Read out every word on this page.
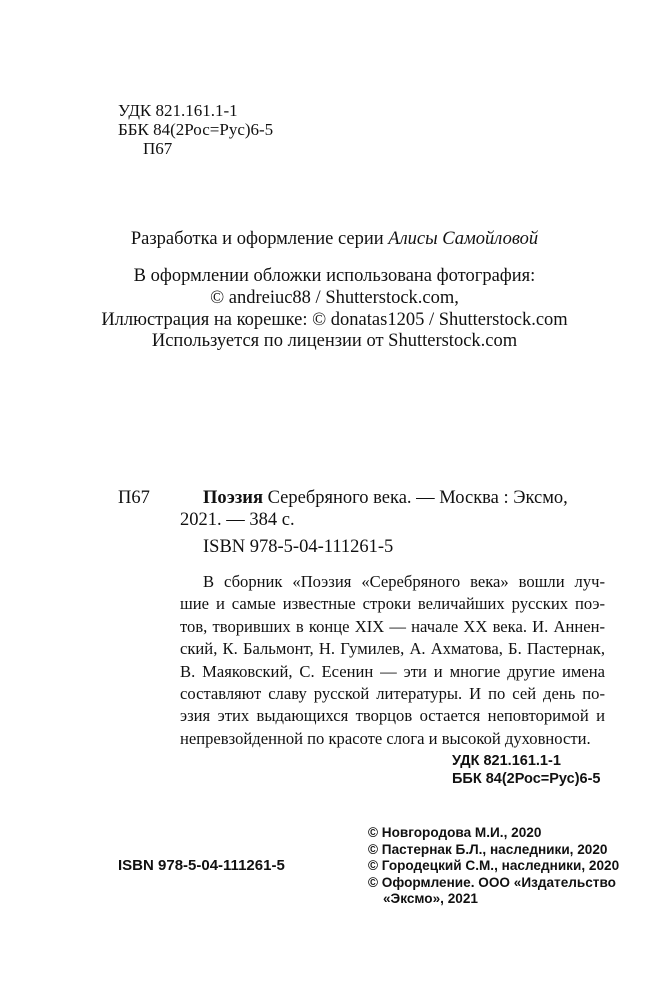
УДК 821.161.1-1
ББК 84(2Рос=Рус)6-5
П67
Разработка и оформление серии Алисы Самойловой
В оформлении обложки использована фотография:
© andreiuc88 / Shutterstock.com,
Иллюстрация на корешке: © donatas1205 / Shutterstock.com
Используется по лицензии от Shutterstock.com
П67	Поэзия Серебряного века. — Москва : Эксмо,
2021. — 384 с.
ISBN 978-5-04-111261-5
В сборник «Поэзия «Серебряного века» вошли луч-
шие и самые известные строки величайших русских поэ-
тов, творивших в конце XIX — начале XX века. И. Аннен-
ский, К. Бальмонт, Н. Гумилев, А. Ахматова, Б. Пастернак,
В. Маяковский, С. Есенин — эти и многие другие имена
составляют славу русской литературы. И по сей день по-
эзия этих выдающихся творцов остается неповторимой и
непревзойденной по красоте слога и высокой духовности.
УДК 821.161.1-1
ББК 84(2Рос=Рус)6-5
© Новгородова М.И., 2020
© Пастернак Б.Л., наследники, 2020
© Городецкий С.М., наследники, 2020
© Оформление. ООО «Издательство
«Эксмо», 2021
ISBN 978-5-04-111261-5
